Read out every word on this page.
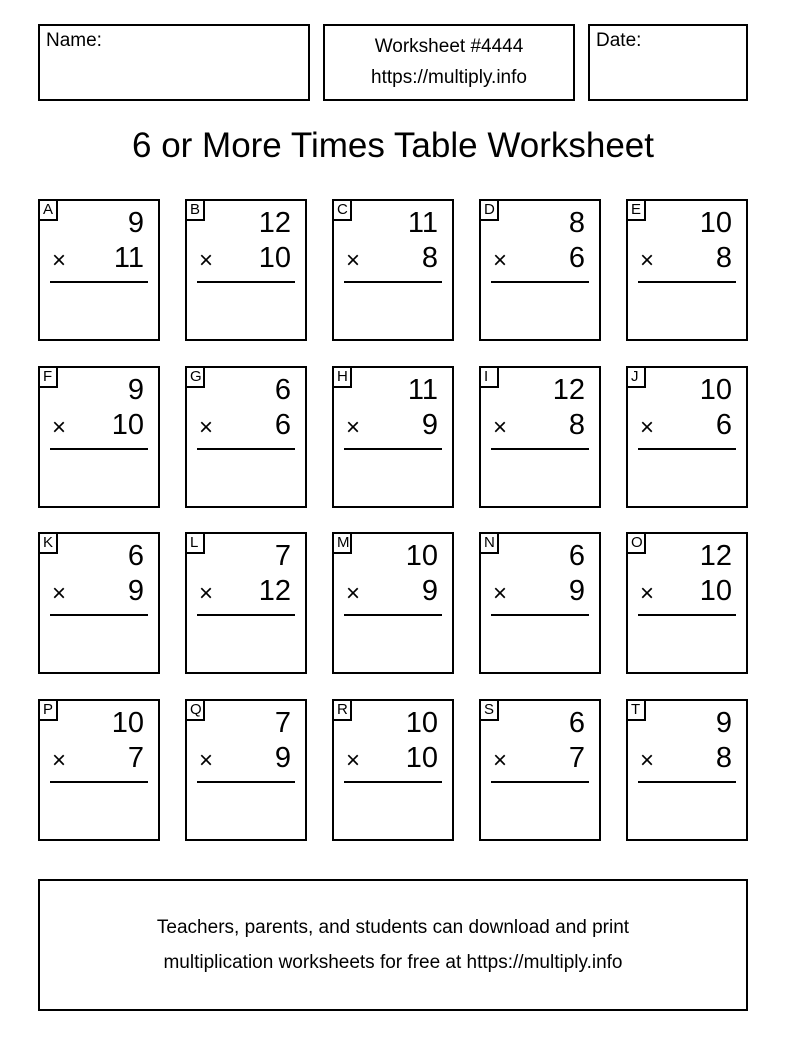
Name:	Worksheet #4444
https://multiply.info
Date:
6 or More Times Table Worksheet
A	9
× 11
B 12
× 10
C 11
× 8
D	8
× 6
E 10
× 8
F	9
× 10
G	6
× 6
H 11
× 9
I	12
× 8
J 10
× 6
K	6
× 9
L	7
× 12
M 10
× 9
N	6
× 9
O 12
× 10
P 10
× 7
Q	7
× 9
R 10
× 10
S	6
× 7
T	9
× 8
Teachers, parents, and students can download and print
multiplication worksheets for free at https://multiply.info
